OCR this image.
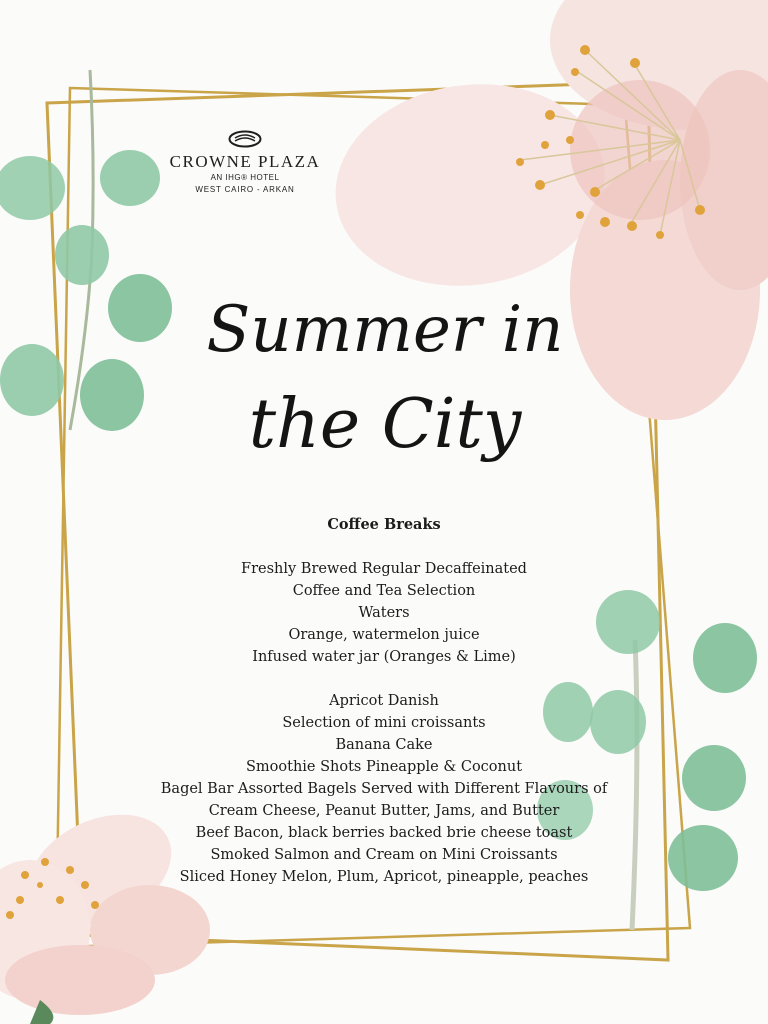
CROWNE PLAZA
AN IHG® HOTEL
WEST CAIRO - ARKAN
Summer in
the City
Coffee Breaks
Freshly Brewed Regular Decaffeinated
Coffee and Tea Selection
Waters
Orange, watermelon juice
Infused water jar (Oranges & Lime)
Apricot Danish
Selection of mini croissants
Banana Cake
Smoothie Shots Pineapple & Coconut
Bagel Bar Assorted Bagels Served with Different Flavours of
Cream Cheese, Peanut Butter, Jams, and Butter
Beef Bacon, black berries backed brie cheese toast
Smoked Salmon and Cream on Mini Croissants
Sliced Honey Melon, Plum, Apricot, pineapple, peaches
